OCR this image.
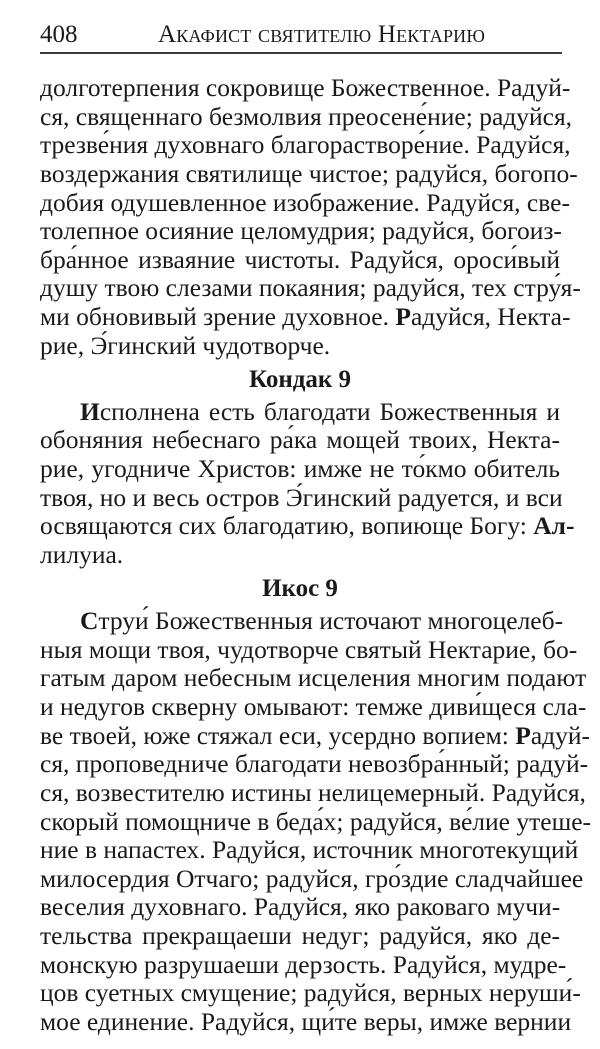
408	Акафист святителю Нектарию
долготерпения сокровище Божественное. Радуй-
ся, священнаго безмолвия преосене́ние; радуйся,
трезве́ния духовнаго благорастворе́ние. Радуйся,
воздержания святилище чистое; радуйся, богопо-
добия одушевленное изображение. Радуйся, све-
толепное осияние целомудрия; радуйся, богоиз-
бра́нное изваяние чистоты. Радуйся, ороси́вый
душу твою слезами покаяния; радуйся, тех стру́я-
ми обновивый зрение духовное. Радуйся, Некта-
рие, Э́гинский чудотворче.
Кондак 9
Исполнена есть благодати Божественныя и
обоняния небеснаго ра́ка мощей твоих, Некта-
рие, угодниче Христов: имже не то́кмо обитель
твоя, но и весь остров Э́гинский радуется, и вси
освящаются сих благодатию, вопиюще Богу: Ал-
лилуиа.
Икос 9
Струи́ Божественныя источают многоцелеб-
ныя мощи твоя, чудотворче святый Нектарие, бо-
гатым даром небесным исцеления многим подают
и недугов скверну омывают: темже диви́щеся сла-
ве твоей, юже стяжал еси, усердно вопием: Радуй-
ся, проповедниче благодати невозбра́нный; радуй-
ся, возвестителю истины нелицемерный. Радуйся,
скорый помощниче в беда́х; радуйся, ве́лие утеше-
ние в напастех. Радуйся, источник многотекущий
милосердия Отчаго; радуйся, гро́здие сладчайшее
веселия духовнаго. Радуйся, яко раковаго мучи-
тельства прекращаеши недуг; радуйся, яко де-
монскую разрушаеши дерзость. Радуйся, мудре-
цов суетных смущение; радуйся, верных неруши́-
мое единение. Радуйся, щи́те веры, имже вернии
